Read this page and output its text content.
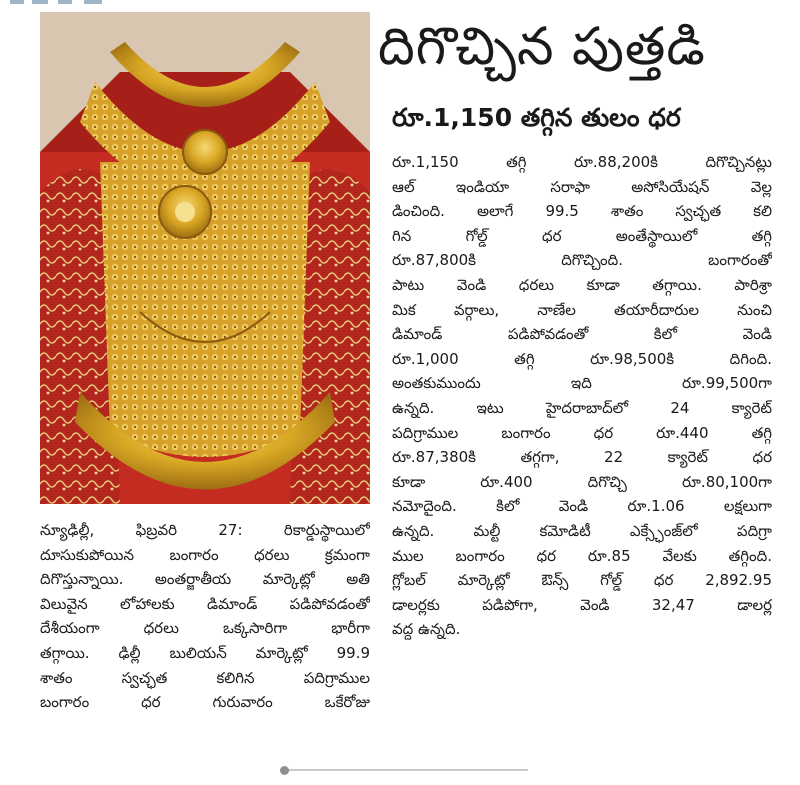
దిగొచ్చిన పుత్తడి
రూ.1,150 తగ్గిన తులం ధర
రూ.1,150 తగ్గి రూ.88,200కి దిగొచ్చినట్లు
ఆల్ ఇండియా సరాఫా అసోసియేషన్ వెల్ల
డించింది. అలాగే 99.5 శాతం స్వచ్ఛత కలి
గిన గోల్డ్ ధర అంతేస్థాయిలో తగ్గి
రూ.87,800కి దిగొచ్చింది. బంగారంతో
పాటు వెండి ధరలు కూడా తగ్గాయి. పారిశ్రా
మిక వర్గాలు, నాణేల తయారీదారుల నుంచి
డిమాండ్ పడిపోవడంతో కిలో వెండి
రూ.1,000 తగ్గి రూ.98,500కి దిగింది.
అంతకుముందు ఇది రూ.99,500గా
ఉన్నది. ఇటు హైదరాబాద్‌లో 24 క్యారెట్
పదిగ్రాముల బంగారం ధర రూ.440 తగ్గి
రూ.87,380కి తగ్గగా, 22 క్యారెట్ ధర
కూడా రూ.400 దిగొచ్చి రూ.80,100గా
నమోదైంది. కిలో వెండి రూ.1.06 లక్షలుగా
ఉన్నది. మల్టీ కమోడిటీ ఎక్స్ఛేంజ్‌లో పదిగ్రా
ముల బంగారం ధర రూ.85 వేలకు తగ్గింది.
గ్లోబల్ మార్కెట్లో ఔన్స్ గోల్డ్ ధర 2,892.95
డాలర్లకు పడిపోగా, వెండి 32,47 డాలర్ల
వద్ద ఉన్నది.
న్యూఢిల్లీ, ఫిబ్రవరి 27: రికార్డుస్థాయిలో
దూసుకుపోయిన బంగారం ధరలు క్రమంగా
దిగొస్తున్నాయి. అంతర్జాతీయ మార్కెట్లో అతి
విలువైన లోహాలకు డిమాండ్ పడిపోవడంతో
దేశీయంగా ధరలు ఒక్కసారిగా భారీగా
తగ్గాయి. ఢిల్లీ బులియన్ మార్కెట్లో 99.9
శాతం స్వచ్ఛత కలిగిన పదిగ్రాముల
బంగారం ధర గురువారం ఒకేరోజు
